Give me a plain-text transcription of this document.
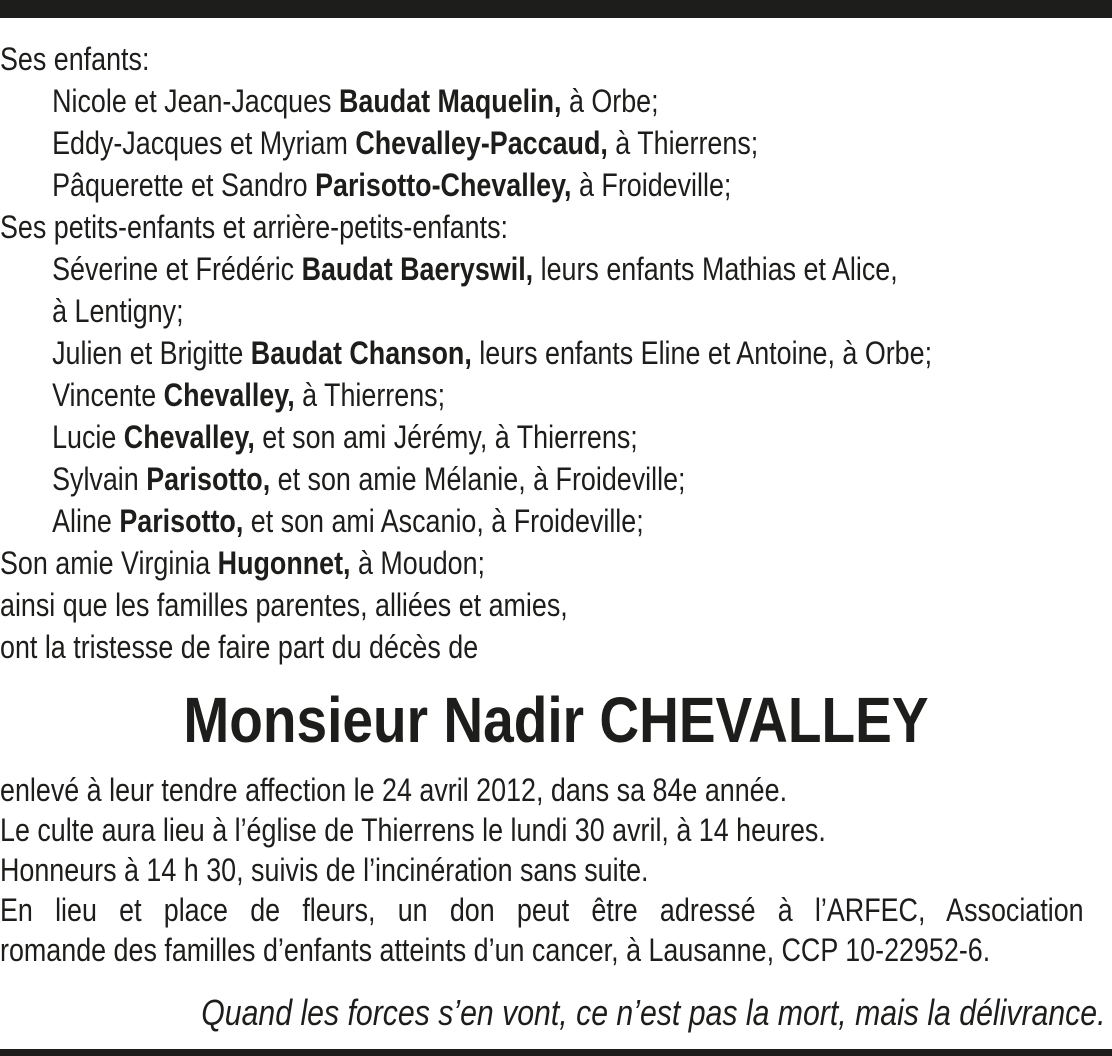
Ses enfants:
Nicole et Jean-Jacques Baudat Maquelin, à Orbe;
Eddy-Jacques et Myriam Chevalley-Paccaud, à Thierrens;
Pâquerette et Sandro Parisotto-Chevalley, à Froideville;
Ses petits-enfants et arrière-petits-enfants:
Séverine et Frédéric Baudat Baeryswil, leurs enfants Mathias et Alice,
à Lentigny;
Julien et Brigitte Baudat Chanson, leurs enfants Eline et Antoine, à Orbe;
Vincente Chevalley, à Thierrens;
Lucie Chevalley, et son ami Jérémy, à Thierrens;
Sylvain Parisotto, et son amie Mélanie, à Froideville;
Aline Parisotto, et son ami Ascanio, à Froideville;
Son amie Virginia Hugonnet, à Moudon;
ainsi que les familles parentes, alliées et amies,
ont la tristesse de faire part du décès de
Monsieur Nadir CHEVALLEY
enlevé à leur tendre affection le 24 avril 2012, dans sa 84e année.
Le culte aura lieu à l’église de Thierrens le lundi 30 avril, à 14 heures.
Honneurs à 14 h 30, suivis de l’incinération sans suite.
En lieu et place de fleurs, un don peut être adressé à l’ARFEC, Association
romande des familles d’enfants atteints d’un cancer, à Lausanne, CCP 10-22952-6.
Quand les forces s’en vont, ce n’est pas la mort, mais la délivrance.
